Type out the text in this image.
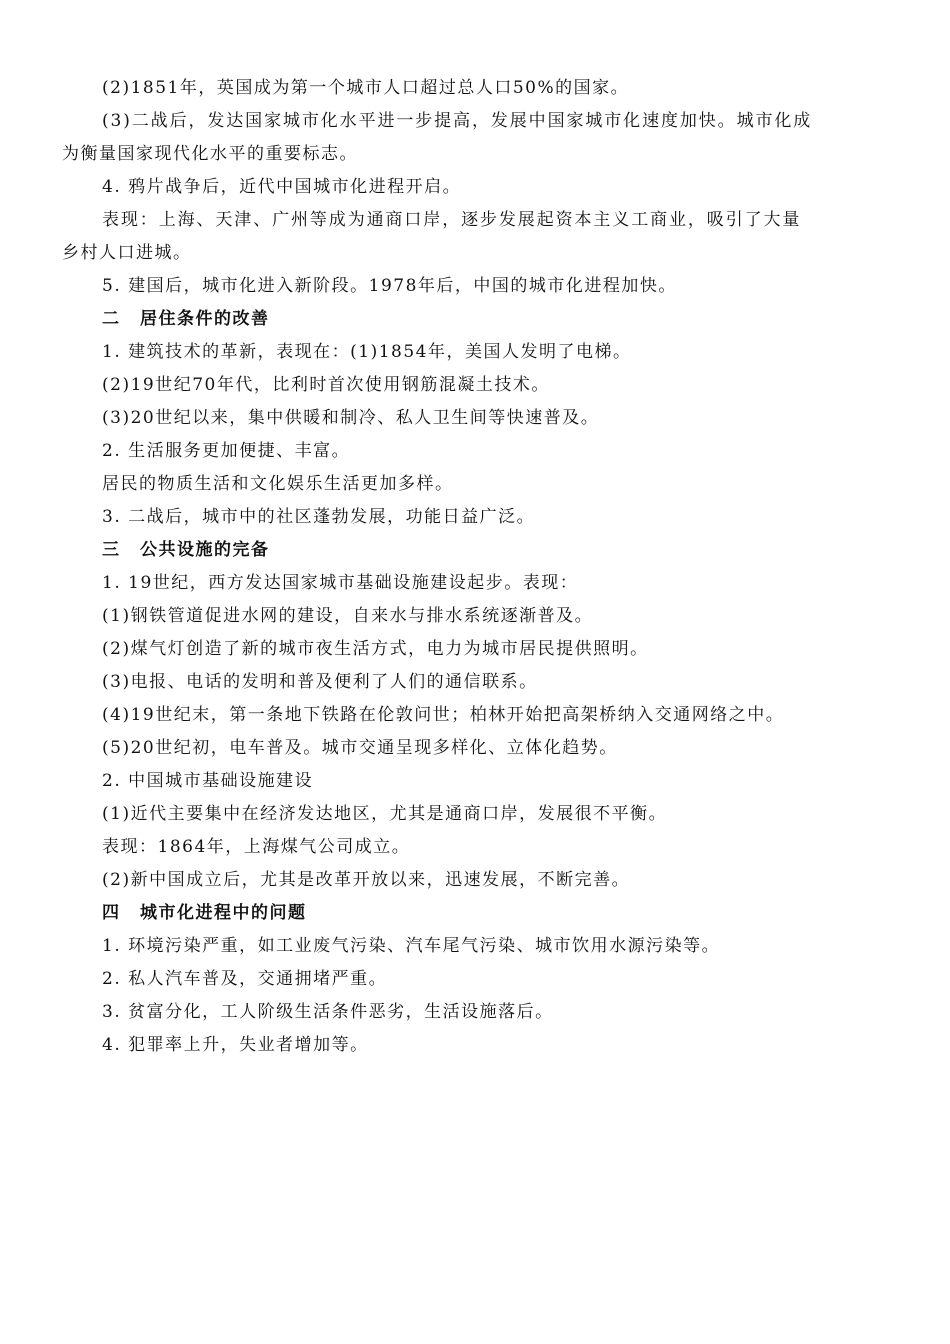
(2)1851年，英国成为第一个城市人口超过总人口50%的国家。
(3)二战后，发达国家城市化水平进一步提高，发展中国家城市化速度加快。城市化成
为衡量国家现代化水平的重要标志。
4. 鸦片战争后，近代中国城市化进程开启。
表现：上海、天津、广州等成为通商口岸，逐步发展起资本主义工商业，吸引了大量
乡村人口进城。
5. 建国后，城市化进入新阶段。1978年后，中国的城市化进程加快。
二 居住条件的改善
1. 建筑技术的革新，表现在：(1)1854年，美国人发明了电梯。
(2)19世纪70年代，比利时首次使用钢筋混凝土技术。
(3)20世纪以来，集中供暖和制冷、私人卫生间等快速普及。
2. 生活服务更加便捷、丰富。
居民的物质生活和文化娱乐生活更加多样。
3. 二战后，城市中的社区蓬勃发展，功能日益广泛。
三 公共设施的完备
1. 19世纪，西方发达国家城市基础设施建设起步。表现：
(1)钢铁管道促进水网的建设，自来水与排水系统逐渐普及。
(2)煤气灯创造了新的城市夜生活方式，电力为城市居民提供照明。
(3)电报、电话的发明和普及便利了人们的通信联系。
(4)19世纪末，第一条地下铁路在伦敦问世；柏林开始把高架桥纳入交通网络之中。
(5)20世纪初，电车普及。城市交通呈现多样化、立体化趋势。
2. 中国城市基础设施建设
(1)近代主要集中在经济发达地区，尤其是通商口岸，发展很不平衡。
表现：1864年，上海煤气公司成立。
(2)新中国成立后，尤其是改革开放以来，迅速发展，不断完善。
四 城市化进程中的问题
1. 环境污染严重，如工业废气污染、汽车尾气污染、城市饮用水源污染等。
2. 私人汽车普及，交通拥堵严重。
3. 贫富分化，工人阶级生活条件恶劣，生活设施落后。
4. 犯罪率上升，失业者增加等。
